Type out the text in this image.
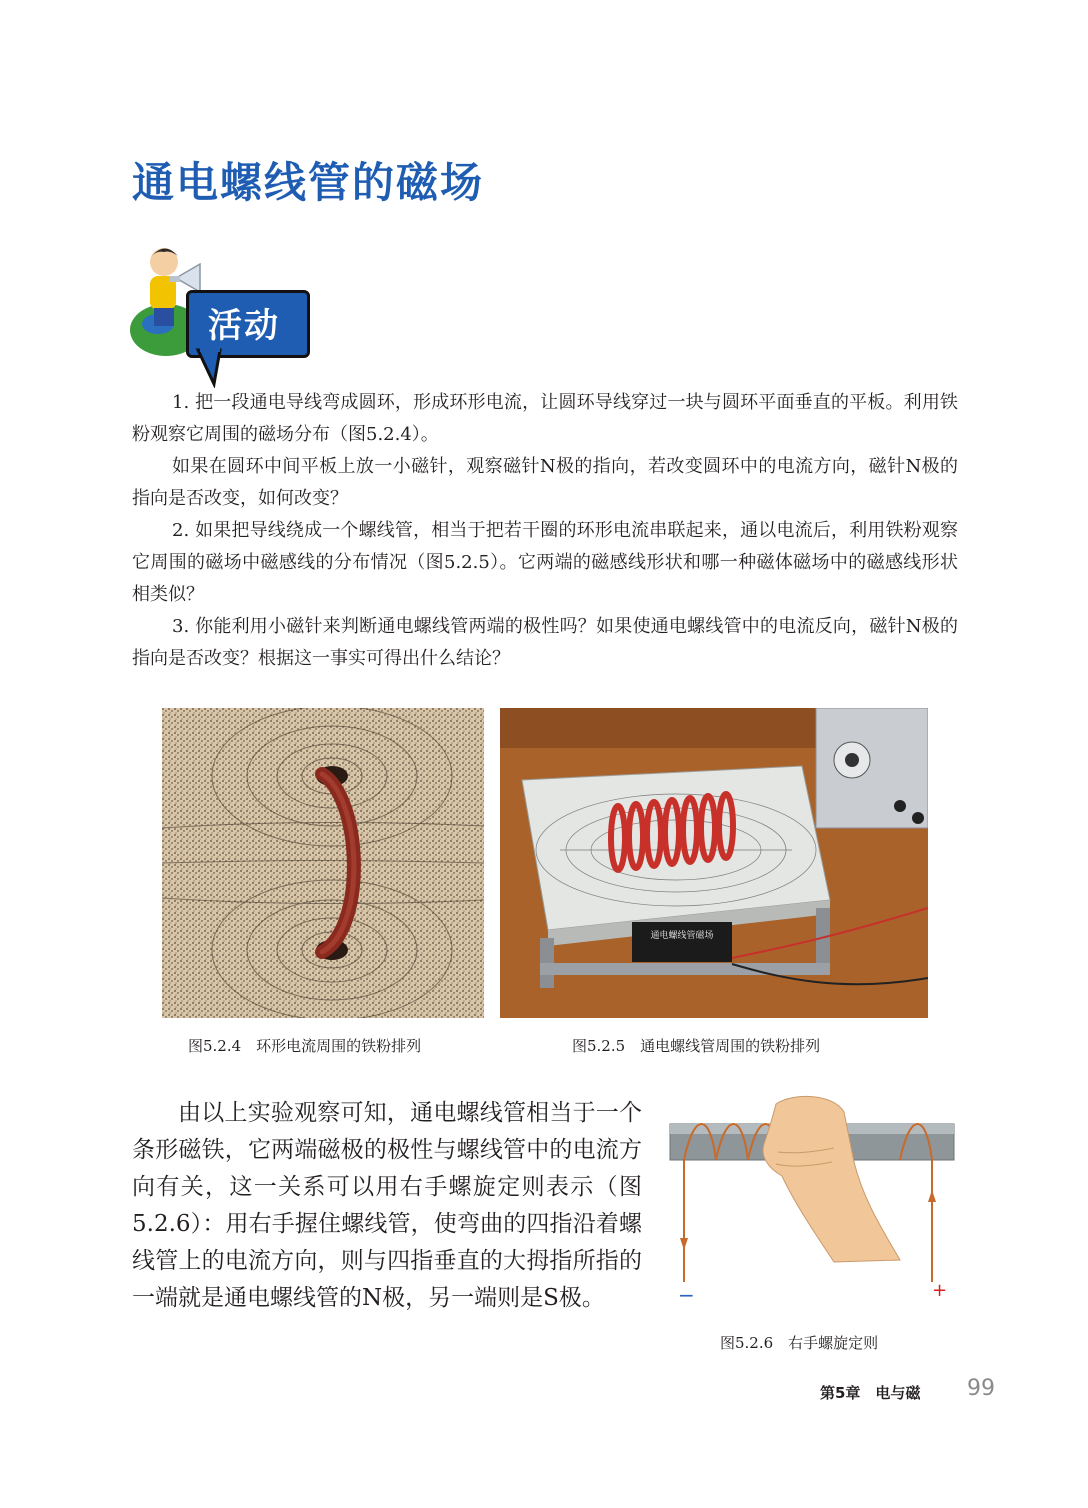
通电螺线管的磁场
活动

1. 把一段通电导线弯成圆环，形成环形电流，让圆环导线穿过一块与圆环平面垂直的平板。利用铁粉观察它周围的磁场分布（图5.2.4）。

如果在圆环中间平板上放一小磁针，观察磁针N极的指向，若改变圆环中的电流方向，磁针N极的指向是否改变，如何改变？

2. 如果把导线绕成一个螺线管，相当于把若干圈的环形电流串联起来，通以电流后，利用铁粉观察它周围的磁场中磁感线的分布情况（图5.2.5）。它两端的磁感线形状和哪一种磁体磁场中的磁感线形状相类似？

3. 你能利用小磁针来判断通电螺线管两端的极性吗？如果使通电螺线管中的电流反向，磁针N极的指向是否改变？根据这一事实可得出什么结论？

图5.2.4　环形电流周围的铁粉排列
通电螺线管磁场
图5.2.5　通电螺线管周围的铁粉排列

由以上实验观察可知，通电螺线管相当于一个条形磁铁，它两端磁极的极性与螺线管中的电流方向有关，这一关系可以用右手螺旋定则表示（图5.2.6）：用右手握住螺线管，使弯曲的四指沿着螺线管上的电流方向，则与四指垂直的大拇指所指的一端就是通电螺线管的N极，另一端则是S极。	−	+
图5.2.6　右手螺旋定则
第5章　电与磁 99
